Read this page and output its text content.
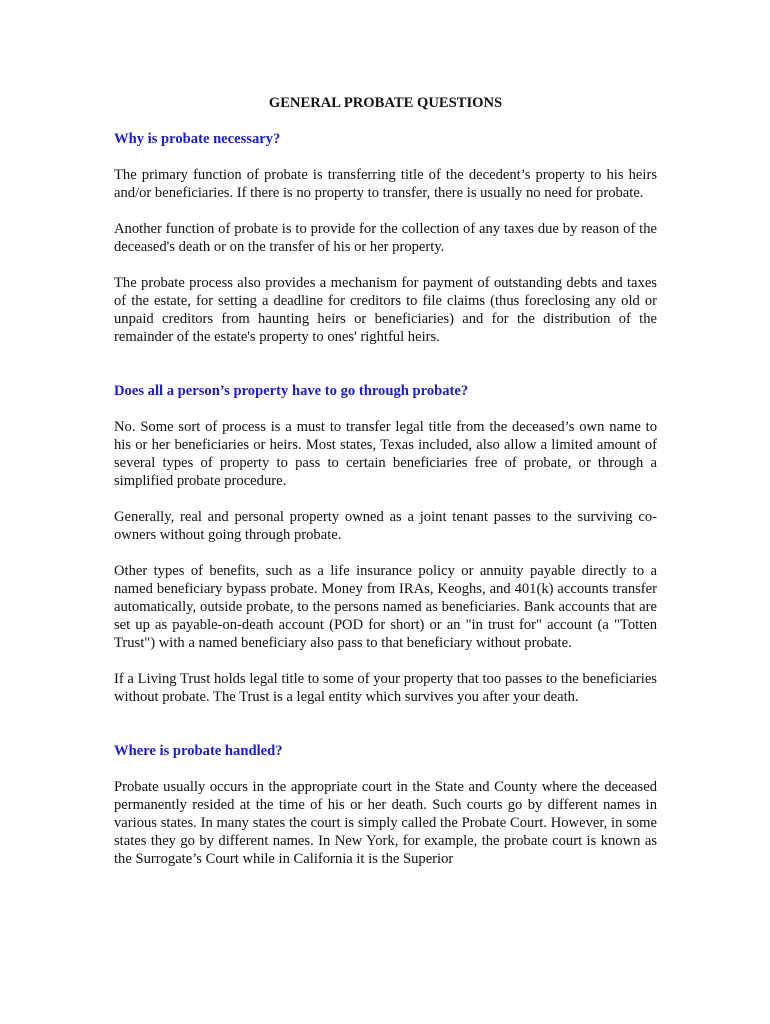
GENERAL PROBATE QUESTIONS
Why is probate necessary?

The primary function of probate is transferring title of the decedent’s property to his heirs and/or beneficiaries. If there is no property to transfer, there is usually no need for probate.

Another function of probate is to provide for the collection of any taxes due by reason of the deceased's death or on the transfer of his or her property.

The probate process also provides a mechanism for payment of outstanding debts and taxes of the estate, for setting a deadline for creditors to file claims (thus foreclosing any old or unpaid creditors from haunting heirs or beneficiaries) and for the distribution of the remainder of the estate's property to ones' rightful heirs.

Does all a person’s property have to go through probate?

No. Some sort of process is a must to transfer legal title from the deceased’s own name to his or her beneficiaries or heirs. Most states, Texas included, also allow a limited amount of several types of property to pass to certain beneficiaries free of probate, or through a simplified probate procedure.

Generally, real and personal property owned as a joint tenant passes to the surviving co-owners without going through probate.

Other types of benefits, such as a life insurance policy or annuity payable directly to a named beneficiary bypass probate. Money from IRAs, Keoghs, and 401(k) accounts transfer automatically, outside probate, to the persons named as beneficiaries. Bank accounts that are set up as payable-on-death account (POD for short) or an "in trust for" account (a "Totten Trust") with a named beneficiary also pass to that beneficiary without probate.

If a Living Trust holds legal title to some of your property that too passes to the beneficiaries without probate. The Trust is a legal entity which survives you after your death.

Where is probate handled?

Probate usually occurs in the appropriate court in the State and County where the deceased permanently resided at the time of his or her death. Such courts go by different names in various states. In many states the court is simply called the Probate Court. However, in some states they go by different names. In New York, for example, the probate court is known as the Surrogate’s Court while in California it is the Superior
